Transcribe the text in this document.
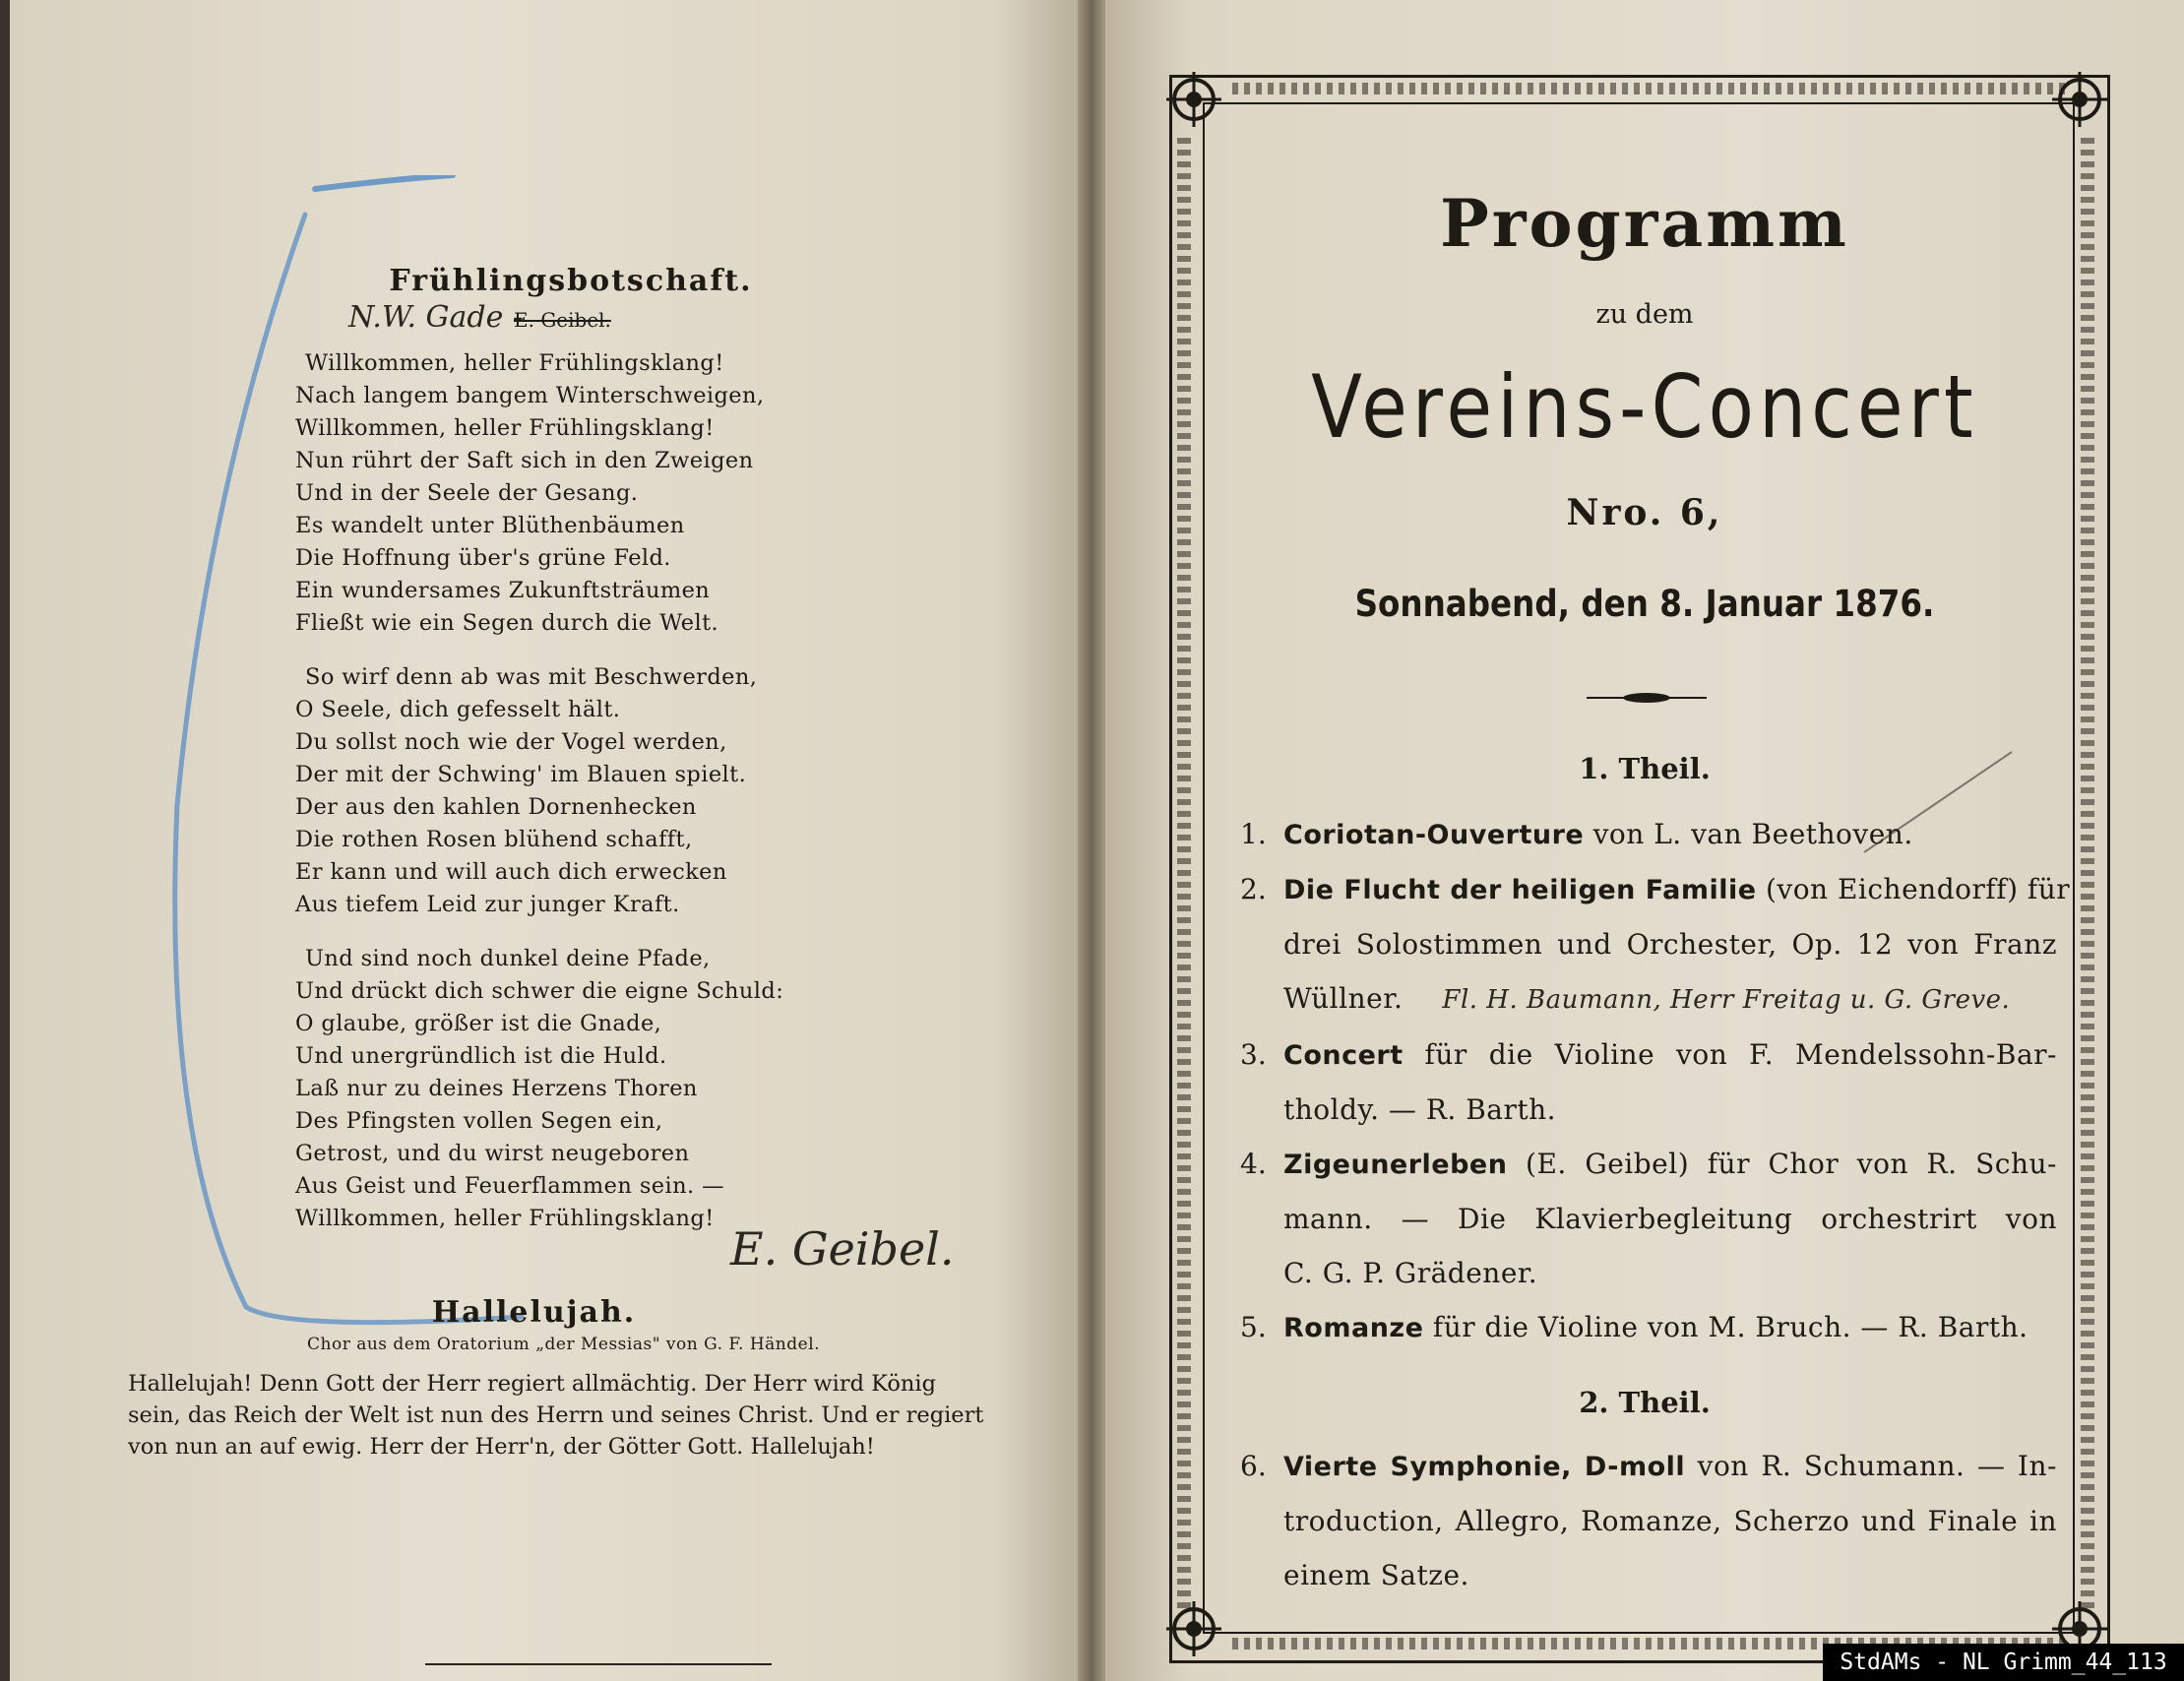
Frühlingsbotschaft.

N.W. Gade -
E. Geibel.
Willkommen, heller Frühlingsklang!
Nach langem bangem Winterschweigen,
Willkommen, heller Frühlingsklang!
Nun rührt der Saft sich in den Zweigen
Und in der Seele der Gesang.
Es wandelt unter Blüthenbäumen
Die Hoffnung über's grüne Feld.
Ein wundersames Zukunftsträumen
Fließt wie ein Segen durch die Welt.
So wirf denn ab was mit Beschwerden,
O Seele, dich gefesselt hält.
Du sollst noch wie der Vogel werden,
Der mit der Schwing' im Blauen spielt.
Der aus den kahlen Dornenhecken
Die rothen Rosen blühend schafft,
Er kann und will auch dich erwecken
Aus tiefem Leid zur junger Kraft.
Und sind noch dunkel deine Pfade,
Und drückt dich schwer die eigne Schuld:
O glaube, größer ist die Gnade,
Und unergründlich ist die Huld.
Laß nur zu deines Herzens Thoren
Des Pfingsten vollen Segen ein,
Getrost, und du wirst neugeboren
Aus Geist und Feuerflammen sein. —
Willkommen, heller Frühlingsklang!
E. Geibel.
Hallelujah.
Chor aus dem Oratorium „der Messias" von G. F. Händel.
Hallelujah! Denn Gott der Herr regiert allmächtig. Der Herr wird König
sein, das Reich der Welt ist nun des Herrn und seines Christ. Und er regiert
von nun an auf ewig. Herr der Herr'n, der Götter Gott. Hallelujah!
Programm
zu dem
Vereins-Concert
Nro. 6,
Sonnabend, den 8. Januar 1876.
1. Theil.
1. Coriotan-Ouverture von L. van Beethoven.
2. Die Flucht der heiligen Familie (von Eichendorff) für
drei Solostimmen und Orchester, Op. 12 von Franz
Wüllner. Fl. H. Baumann, Herr Freitag u. G. Greve.
3. Concert für die Violine von F. Mendelssohn-Bar-
tholdy. — R. Barth.
4. Zigeunerleben (E. Geibel) für Chor von R. Schu-
mann. — Die Klavierbegleitung orchestrirt von
C. G. P. Grädener.
5. Romanze für die Violine von M. Bruch. — R. Barth.
2. Theil.
6. Vierte Symphonie, D-moll von R. Schumann. — In-
troduction, Allegro, Romanze, Scherzo und Finale in
einem Satze.
StdAMs - NL Grimm_44_113
